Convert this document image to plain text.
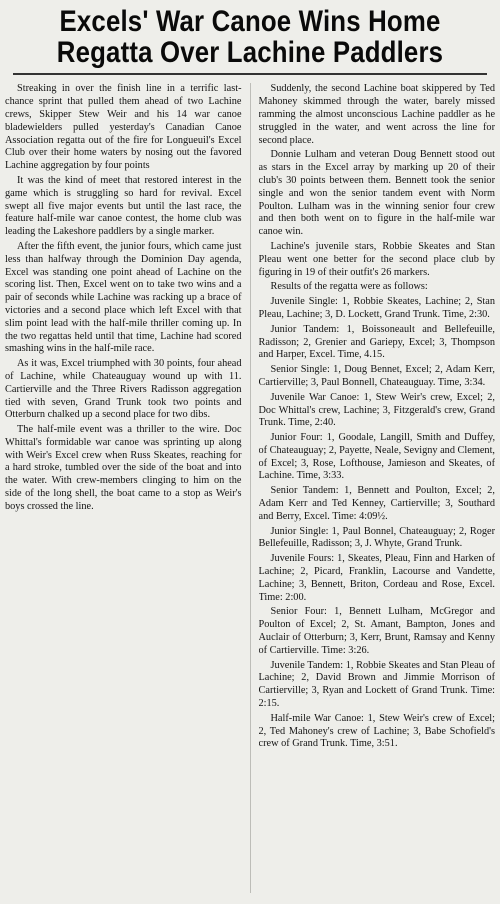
Excels' War Canoe Wins Home
Regatta Over Lachine Paddlers

Streaking in over the finish line in a terrific last-chance sprint that pulled them ahead of two Lachine crews, Skipper Stew Weir and his 14 war canoe bladewielders pulled yesterday's Canadian Canoe Association regatta out of the fire for Longueuil's Excel Club over their home waters by nosing out the favored Lachine aggregation by four points

It was the kind of meet that restored interest in the game which is struggling so hard for revival. Excel swept all five major events but until the last race, the feature half-mile war canoe contest, the home club was leading the Lakeshore paddlers by a single marker.

After the fifth event, the junior fours, which came just less than halfway through the Dominion Day agenda, Excel was standing one point ahead of Lachine on the scoring list. Then, Excel went on to take two wins and a pair of seconds while Lachine was racking up a brace of victories and a second place which left Excel with that slim point lead with the half-mile thriller coming up. In the two regattas held until that time, Lachine had scored smashing wins in the half-mile race.

As it was, Excel triumphed with 30 points, four ahead of Lachine, while Chateauguay wound up with 11. Cartierville and the Three Rivers Radisson aggregation tied with seven, Grand Trunk took two points and Otterburn chalked up a second place for two dibs.

The half-mile event was a thriller to the wire. Doc Whittal's formidable war canoe was sprinting up along with Weir's Excel crew when Russ Skeates, reaching for a hard stroke, tumbled over the side of the boat and into the water. With crew-members clinging to him on the side of the long shell, the boat came to a stop as Weir's boys crossed the line.

Suddenly, the second Lachine boat skippered by Ted Mahoney skimmed through the water, barely missed ramming the almost unconscious Lachine paddler as he struggled in the water, and went across the line for second place.

Donnie Lulham and veteran Doug Bennett stood out as stars in the Excel array by marking up 20 of their club's 30 points between them. Bennett took the senior single and won the senior tandem event with Norm Poulton. Lulham was in the winning senior four crew and then both went on to figure in the half-mile war canoe win.

Lachine's juvenile stars, Robbie Skeates and Stan Pleau went one better for the second place club by figuring in 19 of their outfit's 26 markers.

Results of the regatta were as follows:

Juvenile Single: 1, Robbie Skeates, Lachine; 2, Stan Pleau, Lachine; 3, D. Lockett, Grand Trunk. Time, 2:30.

Junior Tandem: 1, Boissoneault and Bellefeuille, Radisson; 2, Grenier and Gariepy, Excel; 3, Thompson and Harper, Excel. Time, 4.15.

Senior Single: 1, Doug Bennet, Excel; 2, Adam Kerr, Cartierville; 3, Paul Bonnell, Chateauguay. Time, 3:34.

Juvenile War Canoe: 1, Stew Weir's crew, Excel; 2, Doc Whittal's crew, Lachine; 3, Fitzgerald's crew, Grand Trunk. Time, 2:40.

Junior Four: 1, Goodale, Langill, Smith and Duffey, of Chateauguay; 2, Payette, Neale, Sevigny and Clement, of Excel; 3, Rose, Lofthouse, Jamieson and Skeates, of Lachine. Time, 3:33.

Senior Tandem: 1, Bennett and Poulton, Excel; 2, Adam Kerr and Ted Kenney, Cartierville; 3, Southard and Berry, Excel. Time: 4:09½.

Junior Single: 1, Paul Bonnel, Chateauguay; 2, Roger Bellefeuille, Radisson; 3, J. Whyte, Grand Trunk.

Juvenile Fours: 1, Skeates, Pleau, Finn and Harken of Lachine; 2, Picard, Franklin, Lacourse and Vandette, Lachine; 3, Bennett, Briton, Cordeau and Rose, Excel. Time: 2:00.

Senior Four: 1, Bennett Lulham, McGregor and Poulton of Excel; 2, St. Amant, Bampton, Jones and Auclair of Otterburn; 3, Kerr, Brunt, Ramsay and Kenny of Cartierville. Time: 3:26.

Juvenile Tandem: 1, Robbie Skeates and Stan Pleau of Lachine; 2, David Brown and Jimmie Morrison of Cartierville; 3, Ryan and Lockett of Grand Trunk. Time: 2:15.

Half-mile War Canoe: 1, Stew Weir's crew of Excel; 2, Ted Mahoney's crew of Lachine; 3, Babe Schofield's crew of Grand Trunk. Time, 3:51.
